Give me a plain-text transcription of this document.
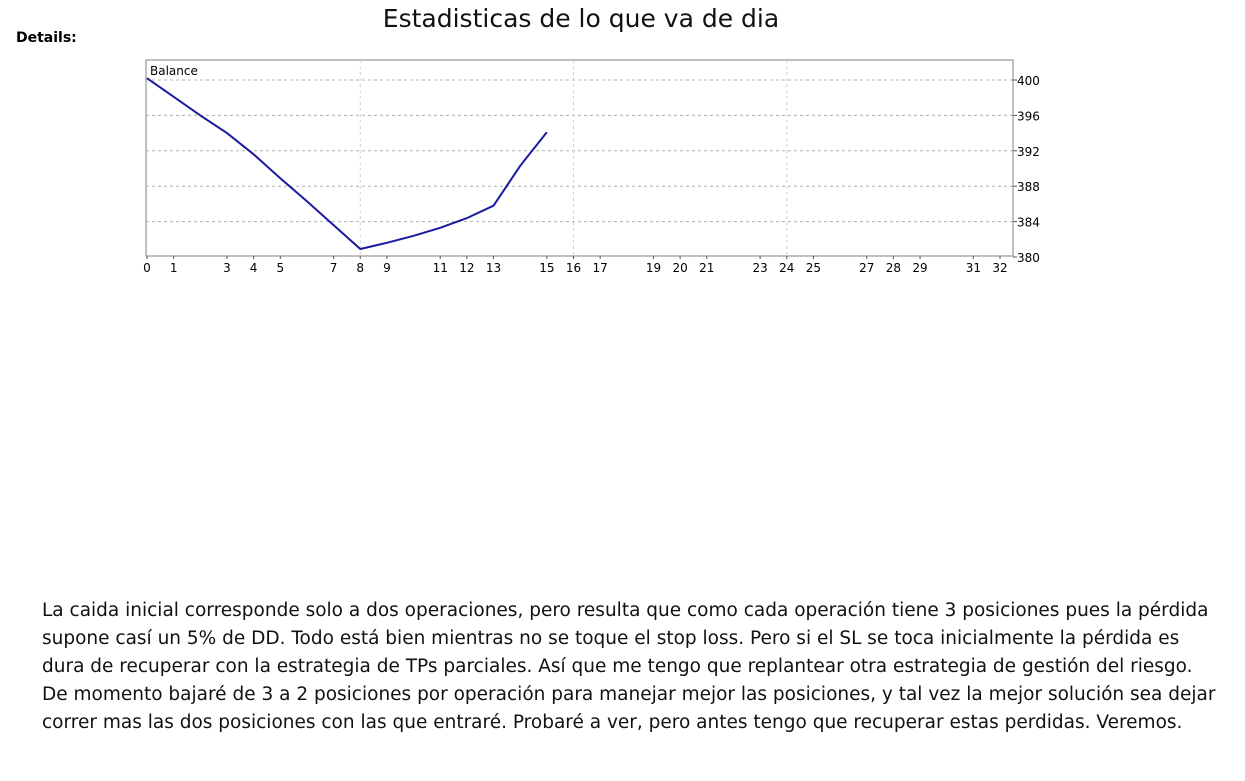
Estadisticas de lo que va de dia
Details:
Balance
400
396
392
388
384
380
0 1	3 4 5	7 8 9	11 12 13	15 16 17	19 20 21	23 24 25	27 28 29	31 32

La caida inicial corresponde solo a dos operaciones, pero resulta que como cada operación tiene 3 posiciones pues la pérdida supone casí un 5% de DD. Todo está bien mientras no se toque el stop loss. Pero si el SL se toca inicialmente la pérdida es dura de recuperar con la estrategia de TPs parciales. Así que me tengo que replantear otra estrategia de gestión del riesgo. De momento bajaré de 3 a 2 posiciones por operación para manejar mejor las posiciones, y tal vez la mejor solución sea dejar correr mas las dos posiciones con las que entraré. Probaré a ver, pero antes tengo que recuperar estas perdidas. Veremos.
